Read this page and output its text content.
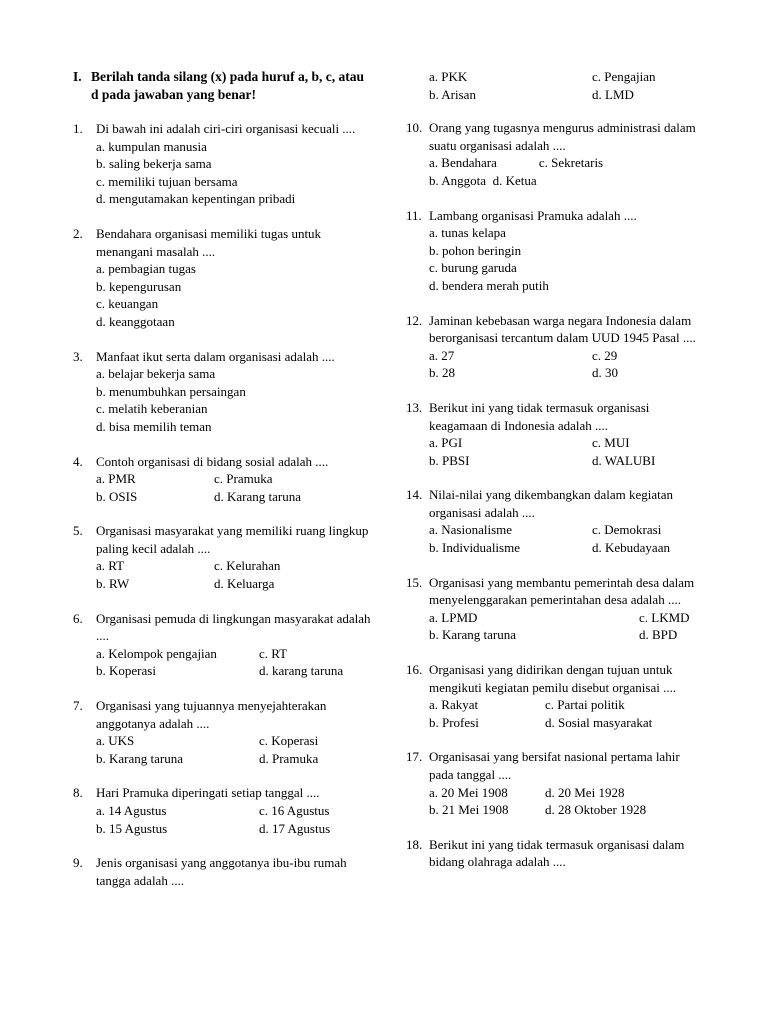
I. Berilah tanda silang (x) pada huruf a, b, c, atau d pada jawaban yang benar!
1.	Di bawah ini adalah ciri-ciri organisasi kecuali ....
a. kumpulan manusia
b. saling bekerja sama
c. memiliki tujuan bersama
d. mengutamakan kepentingan pribadi
2.	Bendahara organisasi memiliki tugas untuk menangani masalah ....
a. pembagian tugas
b. kepengurusan
c. keuangan
d. keanggotaan
3.	Manfaat ikut serta dalam organisasi adalah ....
a. belajar bekerja sama
b. menumbuhkan persaingan
c. melatih keberanian
d. bisa memilih teman
4.	Contoh organisasi di bidang sosial adalah ....
a. PMR	c. Pramuka
b. OSIS	d. Karang taruna
5.	Organisasi masyarakat yang memiliki ruang lingkup paling kecil adalah ....
a. RT	c. Kelurahan
b. RW	d. Keluarga
6.	Organisasi pemuda di lingkungan masyarakat adalah ....
a. Kelompok pengajian	c. RT
b. Koperasi	d. karang taruna
7.	Organisasi yang tujuannya menyejahterakan anggotanya adalah ....
a. UKS	c. Koperasi
b. Karang taruna	d. Pramuka
8.	Hari Pramuka diperingati setiap tanggal ....
a. 14 Agustus	c. 16 Agustus
b. 15 Agustus	d. 17 Agustus
9.	Jenis organisasi yang anggotanya ibu-ibu rumah tangga adalah ....
a. PKK	c. Pengajian
b. Arisan	d. LMD
10. Orang yang tugasnya mengurus administrasi dalam suatu organisasi adalah ....
a. Bendahara	c. Sekretaris
b. Anggota d. Ketua
11. Lambang organisasi Pramuka adalah ....
a. tunas kelapa
b. pohon beringin
c. burung garuda
d. bendera merah putih
12. Jaminan kebebasan warga negara Indonesia dalam berorganisasi tercantum dalam UUD 1945 Pasal ....
a. 27	c. 29
b. 28	d. 30
13. Berikut ini yang tidak termasuk organisasi keagamaan di Indonesia adalah ....
a. PGI	c. MUI
b. PBSI	d. WALUBI
14. Nilai-nilai yang dikembangkan dalam kegiatan organisasi adalah ....
a. Nasionalisme	c. Demokrasi
b. Individualisme	d. Kebudayaan
15. Organisasi yang membantu pemerintah desa dalam menyelenggarakan pemerintahan desa adalah ....
a. LPMD	c. LKMD
b. Karang taruna	d. BPD
16. Organisasi yang didirikan dengan tujuan untuk mengikuti kegiatan pemilu disebut organisai ....
a. Rakyat	c. Partai politik
b. Profesi	d. Sosial masyarakat
17. Organisasai yang bersifat nasional pertama lahir pada tanggal ....
a. 20 Mei 1908	d. 20 Mei 1928
b. 21 Mei 1908	d. 28 Oktober 1928
18. Berikut ini yang tidak termasuk organisasi dalam bidang olahraga adalah ....
